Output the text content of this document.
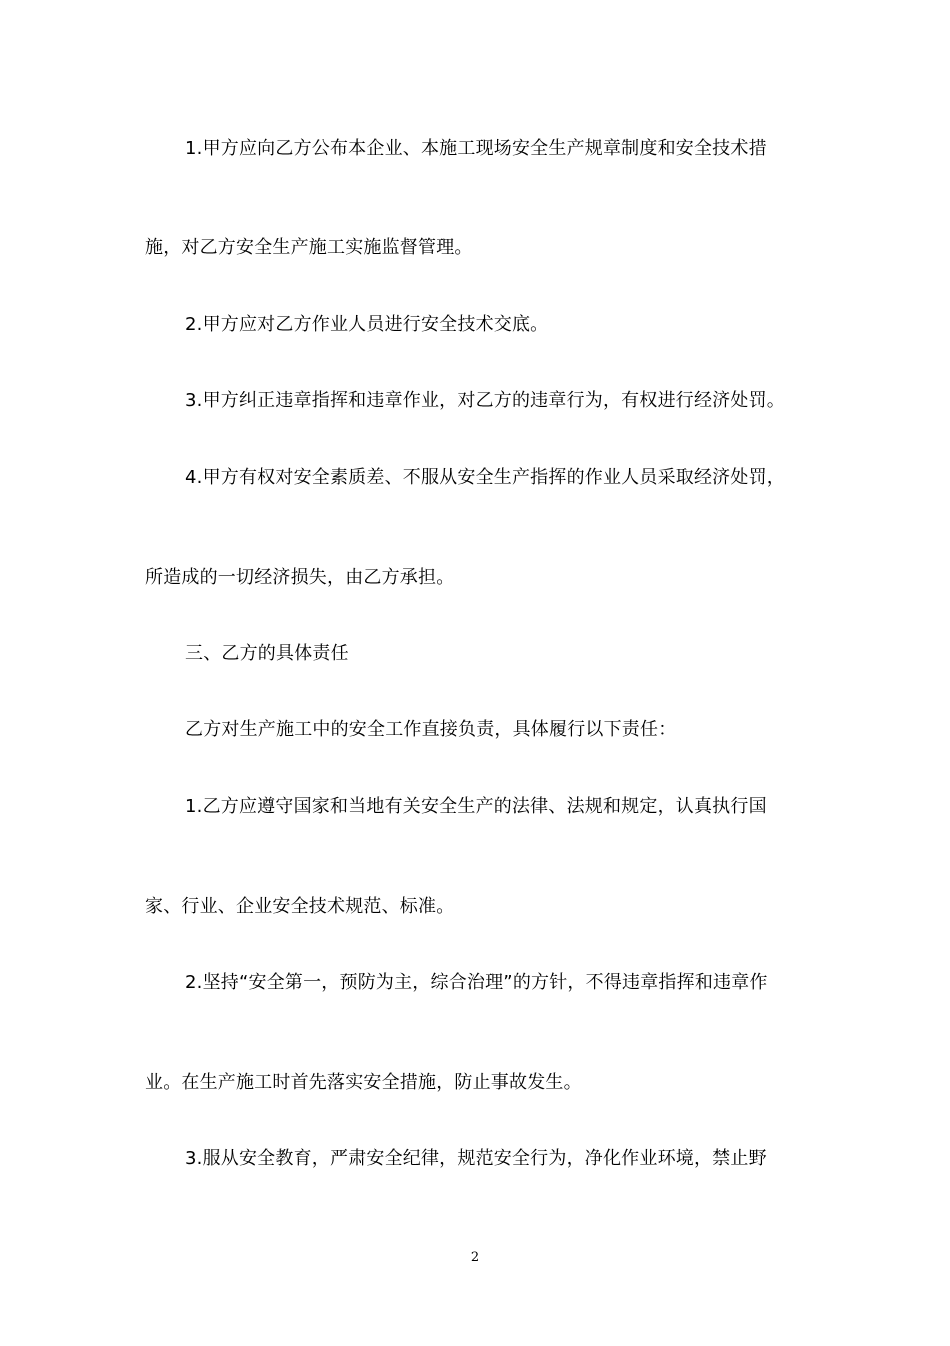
1.甲方应向乙方公布本企业、本施工现场安全生产规章制度和安全技术措

施，对乙方安全生产施工实施监督管理。

2.甲方应对乙方作业人员进行安全技术交底。

3.甲方纠正违章指挥和违章作业，对乙方的违章行为，有权进行经济处罚。

4.甲方有权对安全素质差、不服从安全生产指挥的作业人员采取经济处罚，

所造成的一切经济损失，由乙方承担。

三、乙方的具体责任

乙方对生产施工中的安全工作直接负责，具体履行以下责任：

1.乙方应遵守国家和当地有关安全生产的法律、法规和规定，认真执行国

家、行业、企业安全技术规范、标准。

2.坚持“安全第一，预防为主，综合治理”的方针，不得违章指挥和违章作

业。在生产施工时首先落实安全措施，防止事故发生。

3.服从安全教育，严肃安全纪律，规范安全行为，净化作业环境，禁止野

2
